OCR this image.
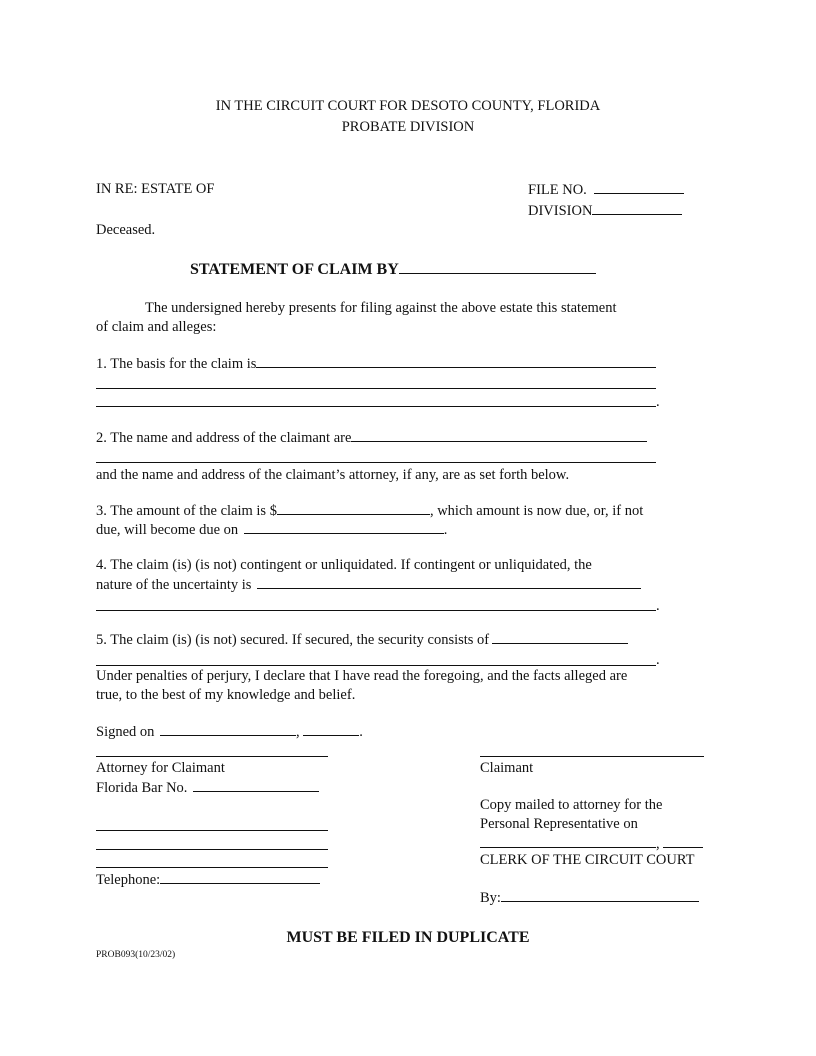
IN THE CIRCUIT COURT FOR DESOTO COUNTY, FLORIDA
PROBATE DIVISION
IN RE: ESTATE OF	FILE NO.
DIVISION
Deceased.
STATEMENT OF CLAIM BY
The undersigned hereby presents for filing against the above estate this statement
of claim and alleges:
1. The basis for the claim is
.
2. The name and address of the claimant are
and the name and address of the claimant’s attorney, if any, are as set forth below.
3. The amount of the claim is $	, which amount is now due, or, if not
due, will become due on	.
4. The claim (is) (is not) contingent or unliquidated. If contingent or unliquidated, the
nature of the uncertainty is
.
5. The claim (is) (is not) secured. If secured, the security consists of
.
Under penalties of perjury, I declare that I have read the foregoing, and the facts alleged are
true, to the best of my knowledge and belief.
Signed on	,	.
Attorney for Claimant
Florida Bar No.
Telephone:
Claimant
Copy mailed to attorney for the
Personal Representative on
,
CLERK OF THE CIRCUIT COURT
By:
MUST BE FILED IN DUPLICATE
PROB093(10/23/02)
